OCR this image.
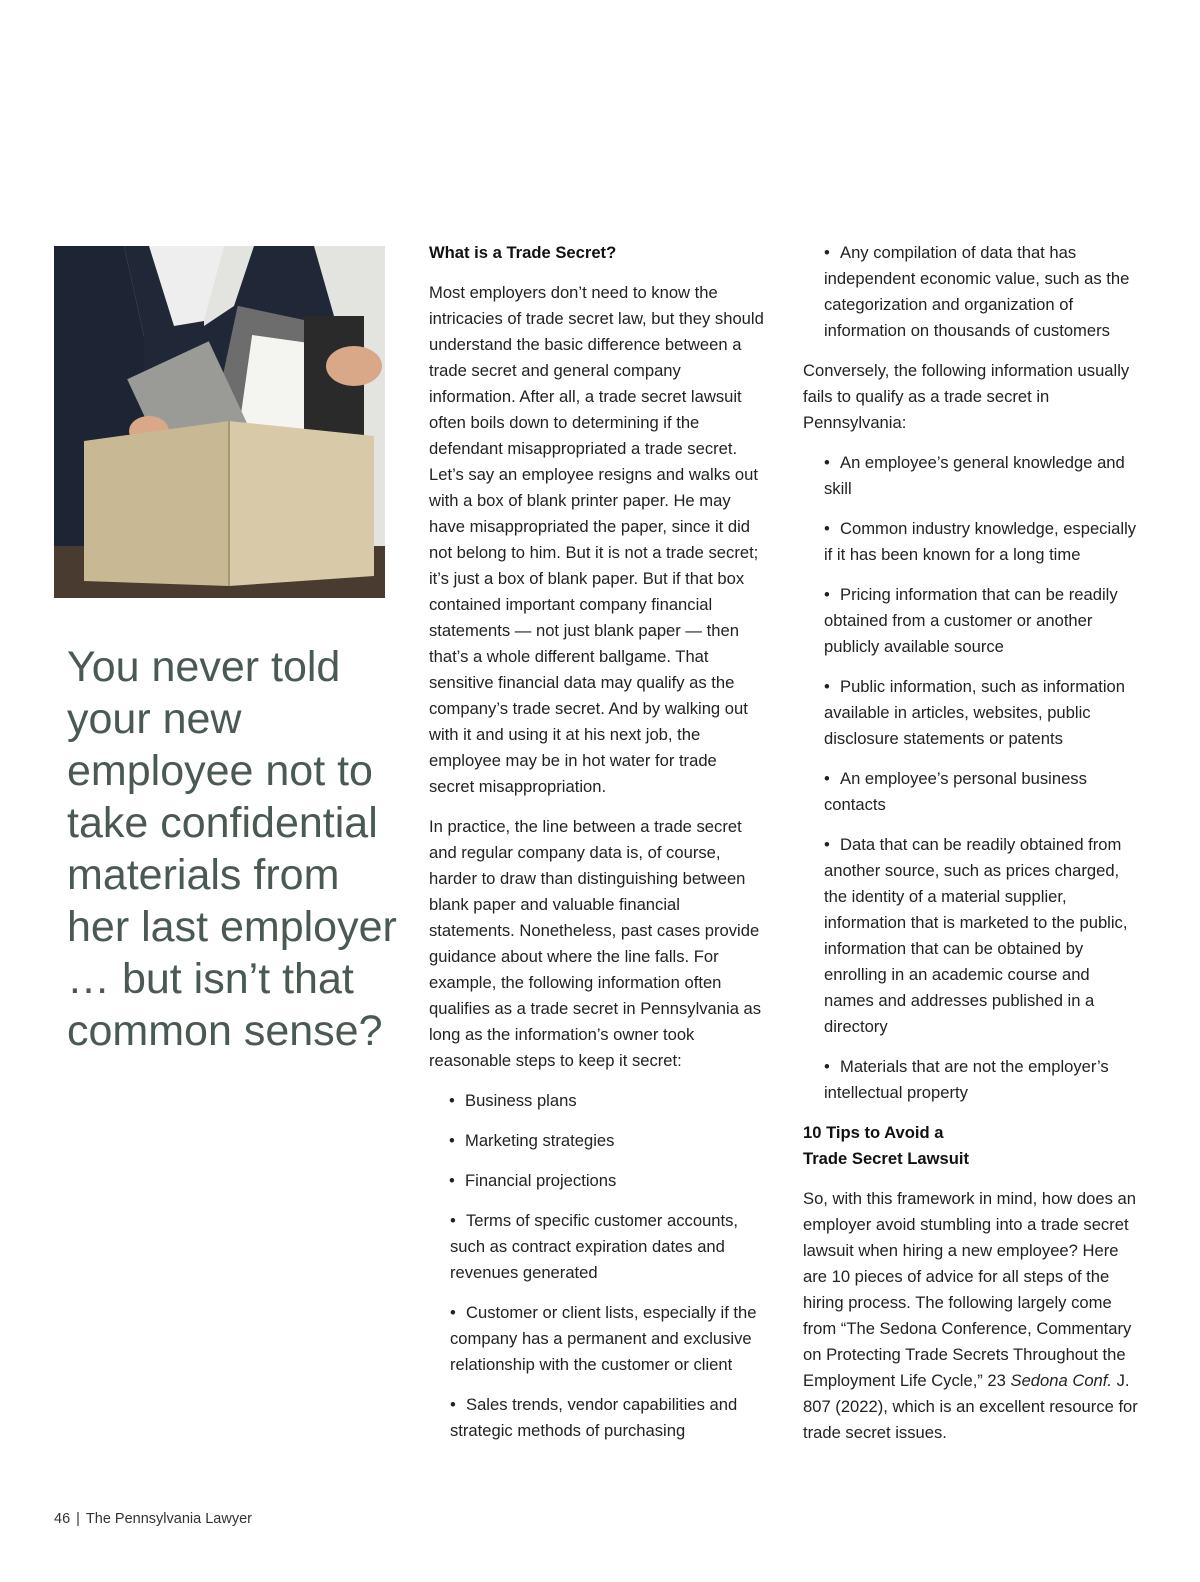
You never told your new employee not to take confidential materials from her last employer … but isn’t that common sense?
What is a Trade Secret?

Most employers don’t need to know the intricacies of trade secret law, but they should understand the basic difference between a trade secret and general company information. After all, a trade secret lawsuit often boils down to determining if the defendant misappropriated a trade secret. Let’s say an employee resigns and walks out with a box of blank printer paper. He may have misappropriated the paper, since it did not belong to him. But it is not a trade secret; it’s just a box of blank paper. But if that box contained important company financial statements — not just blank paper — then that’s a whole different ballgame. That sensitive financial data may qualify as the company’s trade secret. And by walking out with it and using it at his next job, the employee may be in hot water for trade secret misappropriation.

In practice, the line between a trade secret and regular company data is, of course, harder to draw than distinguishing between blank paper and valuable financial statements. Nonetheless, past cases provide guidance about where the line falls. For example, the following information often qualifies as a trade secret in Pennsylvania as long as the information’s owner took reasonable steps to keep it secret:

• Business plans
• Marketing strategies
• Financial projections
• Terms of specific customer accounts, such as contract expiration dates and revenues generated
• Customer or client lists, especially if the company has a permanent and exclusive relationship with the customer or client
• Sales trends, vendor capabilities and strategic methods of purchasing
• Any compilation of data that has independent economic value, such as the categorization and organization of information on thousands of customers

Conversely, the following information usually fails to qualify as a trade secret in Pennsylvania:

• An employee’s general knowledge and skill
• Common industry knowledge, especially if it has been known for a long time
• Pricing information that can be readily obtained from a customer or another publicly available source
• Public information, such as information available in articles, websites, public disclosure statements or patents
• An employee’s personal business contacts
• Data that can be readily obtained from another source, such as prices charged, the identity of a material supplier, information that is marketed to the public, information that can be obtained by enrolling in an academic course and names and addresses published in a directory
• Materials that are not the employer’s intellectual property
10 Tips to Avoid a
Trade Secret Lawsuit

So, with this framework in mind, how does an employer avoid stumbling into a trade secret lawsuit when hiring a new employee? Here are 10 pieces of advice for all steps of the hiring process. The following largely come from “The Sedona Conference, Commentary on Protecting Trade Secrets Throughout the Employment Life Cycle,” 23 Sedona Conf. J. 807 (2022), which is an excellent resource for trade secret issues.

46 | The Pennsylvania Lawyer
